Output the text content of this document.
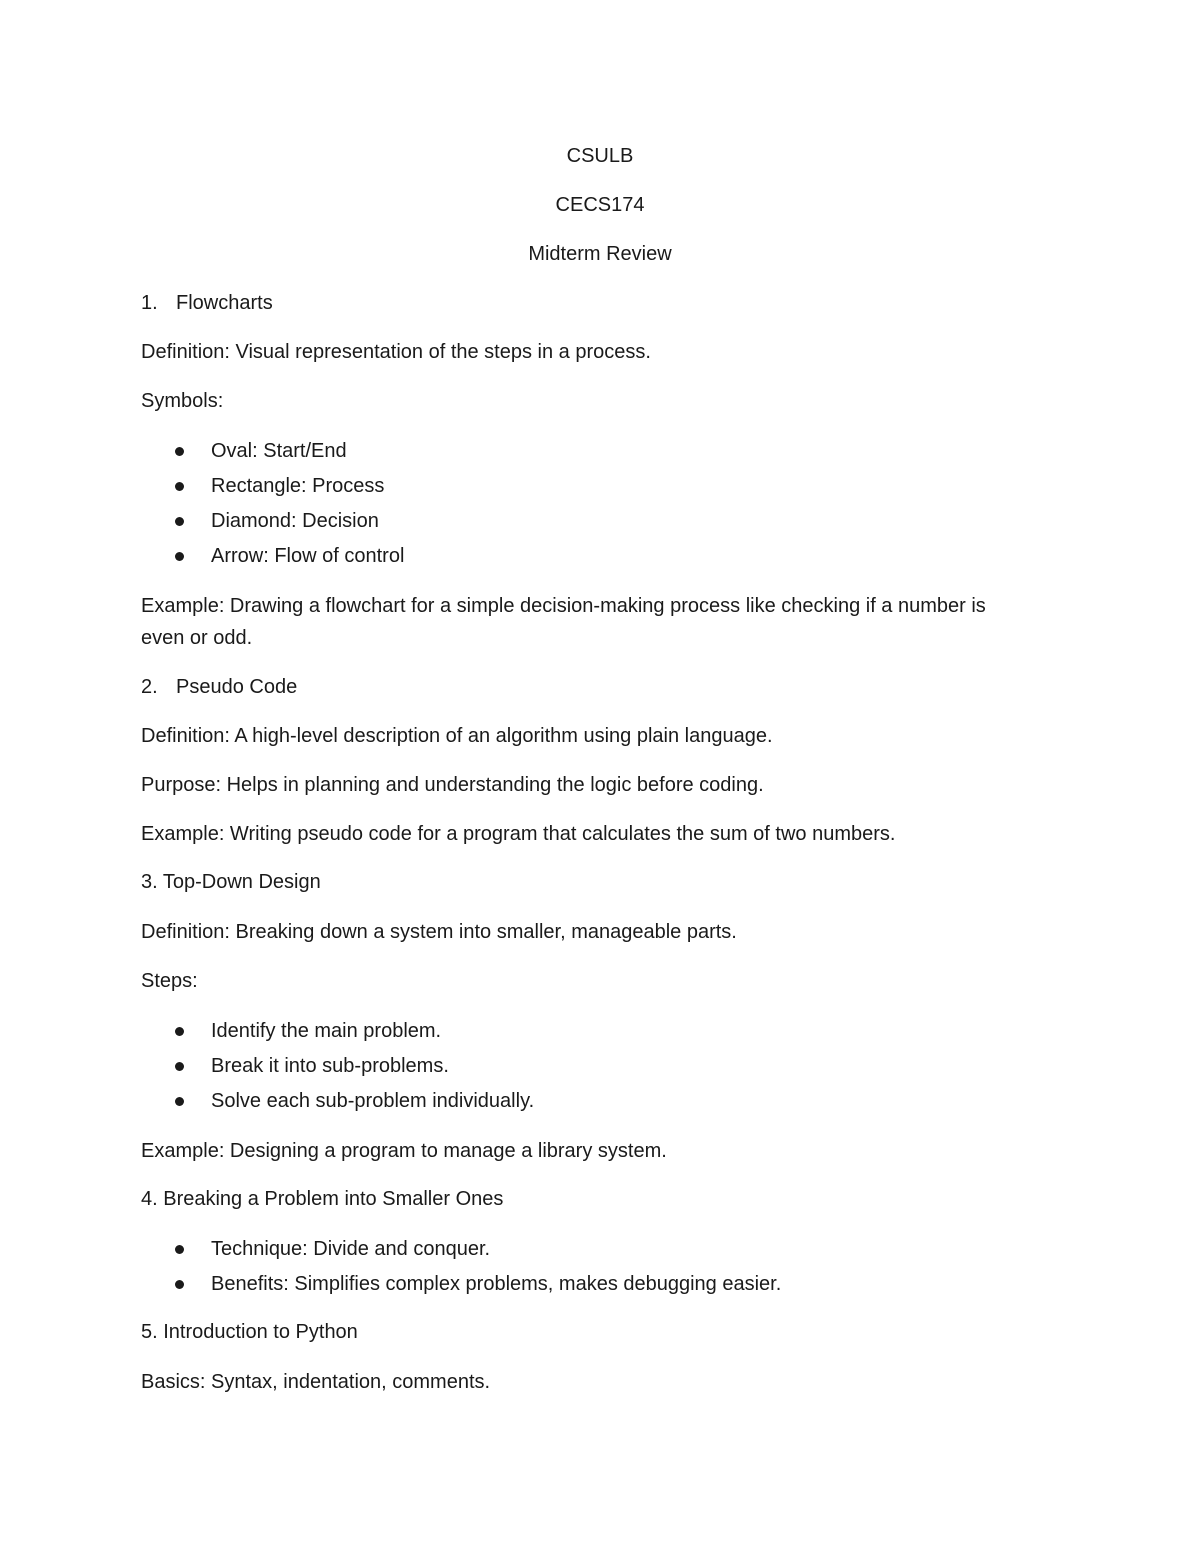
CSULB
CECS174
Midterm Review
1. Flowcharts
Definition: Visual representation of the steps in a process.
Symbols:
Oval: Start/End
Rectangle: Process
Diamond: Decision
Arrow: Flow of control
Example: Drawing a flowchart for a simple decision-making process like checking if a number is even or odd.
2. Pseudo Code
Definition: A high-level description of an algorithm using plain language.
Purpose: Helps in planning and understanding the logic before coding.
Example: Writing pseudo code for a program that calculates the sum of two numbers.
3. Top-Down Design
Definition: Breaking down a system into smaller, manageable parts.
Steps:
Identify the main problem.
Break it into sub-problems.
Solve each sub-problem individually.
Example: Designing a program to manage a library system.
4. Breaking a Problem into Smaller Ones
Technique: Divide and conquer.
Benefits: Simplifies complex problems, makes debugging easier.
5. Introduction to Python
Basics: Syntax, indentation, comments.
